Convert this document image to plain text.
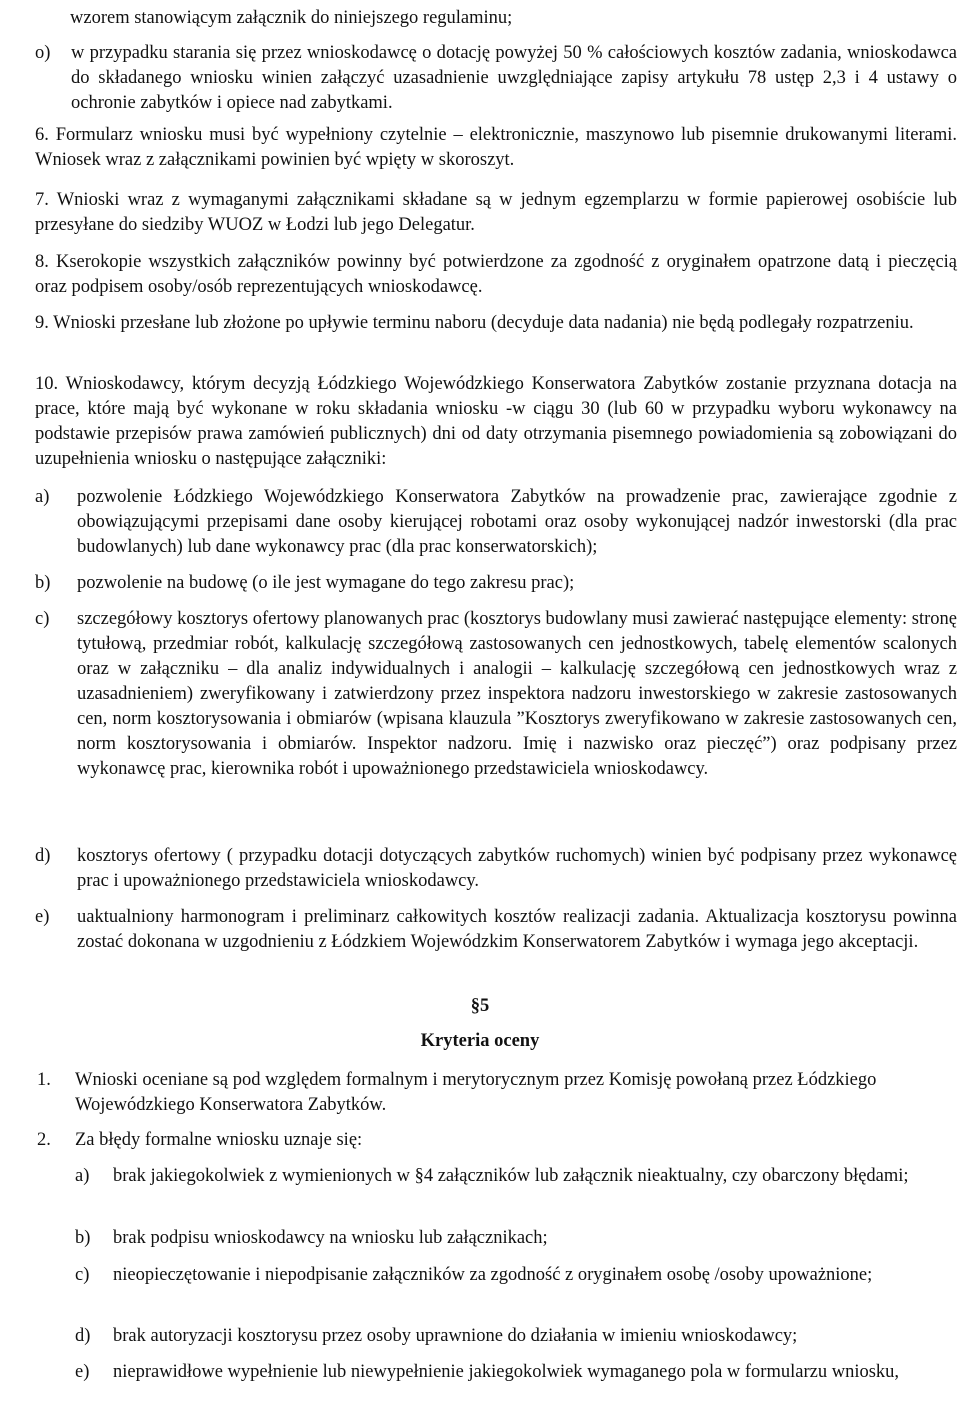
wzorem stanowiącym załącznik do niniejszego regulaminu;
o)	w przypadku starania się przez wnioskodawcę o dotację powyżej 50 % całościowych kosztów zadania, wnioskodawca do składanego wniosku winien załączyć uzasadnienie uwzględniające zapisy artykułu 78 ustęp 2,3 i 4 ustawy o ochronie zabytków i opiece nad zabytkami.
6. Formularz wniosku musi być wypełniony czytelnie – elektronicznie, maszynowo lub pisemnie drukowanymi literami. Wniosek wraz z załącznikami powinien być wpięty w skoroszyt.
7. Wnioski wraz z wymaganymi załącznikami składane są w jednym egzemplarzu w formie papierowej osobiście lub przesyłane do siedziby WUOZ w Łodzi lub jego Delegatur.
8. Kserokopie wszystkich załączników powinny być potwierdzone za zgodność z oryginałem opatrzone datą i pieczęcią oraz podpisem osoby/osób reprezentujących wnioskodawcę.
9. Wnioski przesłane lub złożone po upływie terminu naboru (decyduje data nadania) nie będą podlegały rozpatrzeniu.
10. Wnioskodawcy, którym decyzją Łódzkiego Wojewódzkiego Konserwatora Zabytków zostanie przyznana dotacja na prace, które mają być wykonane w roku składania wniosku -w ciągu 30 (lub 60 w przypadku wyboru wykonawcy na podstawie przepisów prawa zamówień publicznych) dni od daty otrzymania pisemnego powiadomienia są zobowiązani do uzupełnienia wniosku o następujące załączniki:
a)	pozwolenie Łódzkiego Wojewódzkiego Konserwatora Zabytków na prowadzenie prac, zawierające zgodnie z obowiązującymi przepisami dane osoby kierującej robotami oraz osoby wykonującej nadzór inwestorski (dla prac budowlanych) lub dane wykonawcy prac (dla prac konserwatorskich);
b)	pozwolenie na budowę (o ile jest wymagane do tego zakresu prac);
c)	szczegółowy kosztorys ofertowy planowanych prac (kosztorys budowlany musi zawierać następujące elementy: stronę tytułową, przedmiar robót, kalkulację szczegółową zastosowanych cen jednostkowych, tabelę elementów scalonych oraz w załączniku – dla analiz indywidualnych i analogii – kalkulację szczegółową cen jednostkowych wraz z uzasadnieniem) zweryfikowany i zatwierdzony przez inspektora nadzoru inwestorskiego w zakresie zastosowanych cen, norm kosztorysowania i obmiarów (wpisana klauzula ”Kosztorys zweryfikowano w zakresie zastosowanych cen, norm kosztorysowania i obmiarów. Inspektor nadzoru. Imię i nazwisko oraz pieczęć”) oraz podpisany przez wykonawcę prac, kierownika robót i upoważnionego przedstawiciela wnioskodawcy.
d)	kosztorys ofertowy ( przypadku dotacji dotyczących zabytków ruchomych) winien być podpisany przez wykonawcę prac i upoważnionego przedstawiciela wnioskodawcy.
e)	uaktualniony harmonogram i preliminarz całkowitych kosztów realizacji zadania. Aktualizacja kosztorysu powinna zostać dokonana w uzgodnieniu z Łódzkiem Wojewódzkim Konserwatorem Zabytków i wymaga jego akceptacji.
§5
Kryteria oceny
1.	Wnioski oceniane są pod względem formalnym i merytorycznym przez Komisję powołaną przez Łódzkiego Wojewódzkiego Konserwatora Zabytków.
2.	Za błędy formalne wniosku uznaje się:
a)	brak jakiegokolwiek z wymienionych w §4 załączników lub załącznik nieaktualny, czy obarczony błędami;
b)	brak podpisu wnioskodawcy na wniosku lub załącznikach;
c)	nieopieczętowanie i niepodpisanie załączników za zgodność z oryginałem osobę /osoby upoważnione;
d)	brak autoryzacji kosztorysu przez osoby uprawnione do działania w imieniu wnioskodawcy;
e)	nieprawidłowe wypełnienie lub niewypełnienie jakiegokolwiek wymaganego pola w formularzu wniosku,
